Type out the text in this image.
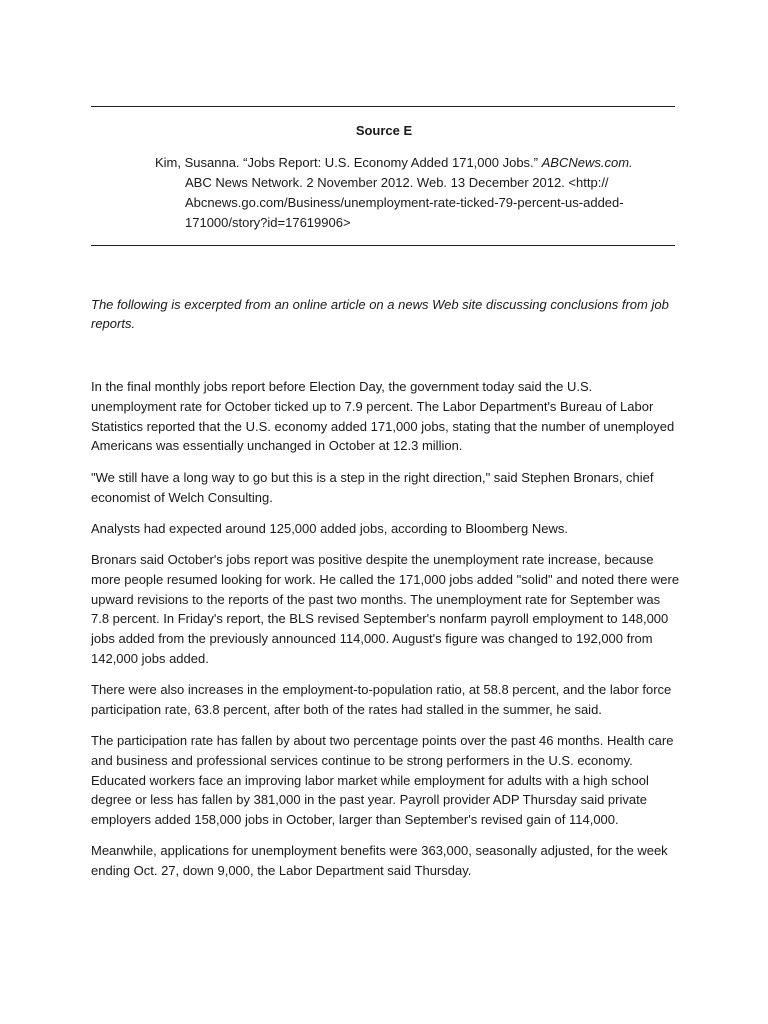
Source E
Kim, Susanna. “Jobs Report: U.S. Economy Added 171,000 Jobs.” ABCNews.com.
ABC News Network. 2 November 2012. Web. 13 December 2012. <http://
Abcnews.go.com/Business/unemployment-rate-ticked-79-percent-us-added-
171000/story?id=17619906>
The following is excerpted from an online article on a news Web site discussing conclusions from job reports.

In the final monthly jobs report before Election Day, the government today said the U.S. unemployment rate for October ticked up to 7.9 percent. The Labor Department's Bureau of Labor Statistics reported that the U.S. economy added 171,000 jobs, stating that the number of unemployed Americans was essentially unchanged in October at 12.3 million.

"We still have a long way to go but this is a step in the right direction," said Stephen Bronars, chief economist of Welch Consulting.

Analysts had expected around 125,000 added jobs, according to Bloomberg News.

Bronars said October's jobs report was positive despite the unemployment rate increase, because more people resumed looking for work. He called the 171,000 jobs added "solid" and noted there were upward revisions to the reports of the past two months. The unemployment rate for September was 7.8 percent. In Friday's report, the BLS revised September's nonfarm payroll employment to 148,000 jobs added from the previously announced 114,000. August's figure was changed to 192,000 from 142,000 jobs added.

There were also increases in the employment-to-population ratio, at 58.8 percent, and the labor force participation rate, 63.8 percent, after both of the rates had stalled in the summer, he said.

The participation rate has fallen by about two percentage points over the past 46 months. Health care and business and professional services continue to be strong performers in the U.S. economy. Educated workers face an improving labor market while employment for adults with a high school degree or less has fallen by 381,000 in the past year. Payroll provider ADP Thursday said private employers added 158,000 jobs in October, larger than September's revised gain of 114,000.

Meanwhile, applications for unemployment benefits were 363,000, seasonally adjusted, for the week ending Oct. 27, down 9,000, the Labor Department said Thursday.
